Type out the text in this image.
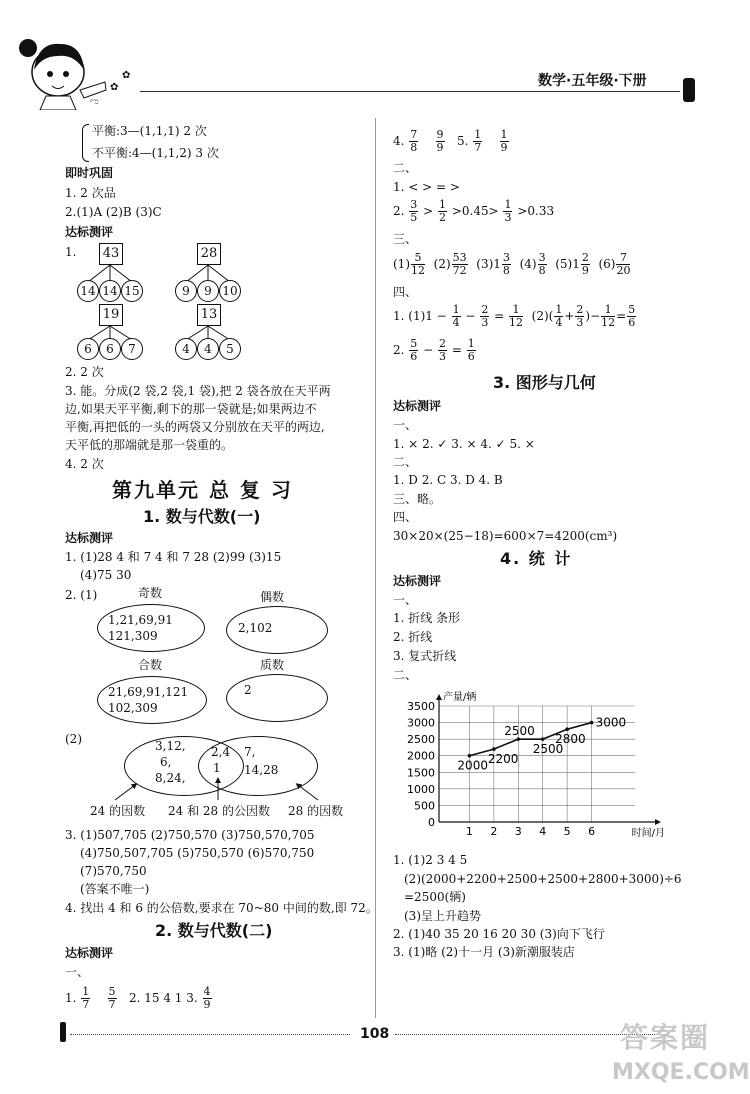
✿
✿
ಌ
数学·五年级·下册
平衡:3—(1,1,1) 2 次
不平衡:4—(1,1,2) 3 次
即时巩固
1. 2 次品
2.(1)A (2)B (3)C
达标测评
1. 43
14 14 15
28
9	9 10
19
6	6	7
13
4	4	5
2. 2 次
3. 能。分成(2 袋,2 袋,1 袋),把 2 袋各放在天平两
边,如果天平平衡,剩下的那一袋就是;如果两边不
平衡,再把低的一头的两袋又分别放在天平的两边,
天平低的那端就是那一袋重的。
4. 2 次
第九单元 总 复 习
1. 数与代数(一)
达标测评
1. (1)28 4 和 7 4 和 7 28 (2)99 (3)15
(4)75 30
2. (1)	奇数
1,21,69,91
121,309
偶数
2,102
合数
21,69,91,121
102,309
质数
2
(2)	3,12,
6,
8,24,
2,4
1
7,
14,28
24 的因数 24 和 28 的公因数 28 的因数
3. (1)507,705 (2)750,570 (3)750,570,705
(4)750,507,705 (5)750,570 (6)570,750
(7)570,750
(答案不唯一)
4. 找出 4 和 6 的公倍数,要求在 70~80 中间的数,即 72。
2. 数与代数(二)
达标测评
一、
1. $\frac{1}{7}$
$\frac{5}{7} 2$. 15 4 1 3. $\frac{4}{9}$
4. $\frac{7}{8}$
$\frac{9}{9} 5$. $\frac{1}{7}$
$\frac{1}{9}$
二、
1. < > = >
2. $\frac{3}{5} > \frac{1}{2} >0.45> \frac{1}{3} >0.33$
三、
$(1) \frac{5}{12} (2) \frac{53}{72} (3)1 \frac{3}{8} (4) \frac{3}{8} (5)1 \frac{2}{9} (6) \frac{7}{20}$
四、
1. $(1)1 - \frac{1}{4} - \frac{2}{3} = \frac{1}{12} (2)( \frac{1}{4} + \frac{2}{3}$ )− $\frac{1}{12} = \frac{5}{6}$
2. $\frac{5}{6} - \frac{2}{3} = \frac{1}{6}$
3. 图形与几何
达标测评
一、
1. × 2. ✓ 3. × 4. ✓ 5. ×
二、
1. D 2. C 3. D 4. B
三、略。
四、
30×20×(25−18)=600×7=4200(cm³)
4. 统 计
达标测评
一、
1. 折线 条形
2. 折线
3. 复式折线
二、
0
500
1000
1500
2000
2500
3000
3500
1 2 3 4 5 6
产量/辆
时间/月
2000 2200
2500
2500
2800
3000
1. (1)2 3 4 5
(2)(2000+2200+2500+2500+2800+3000)÷6
=2500(辆)
(3)呈上升趋势
2. (1)40 35 20 16 20 30 (3)向下飞行
3. (1)略 (2)十一月 (3)新潮服装店
108	答案圈
MXQE.COM
